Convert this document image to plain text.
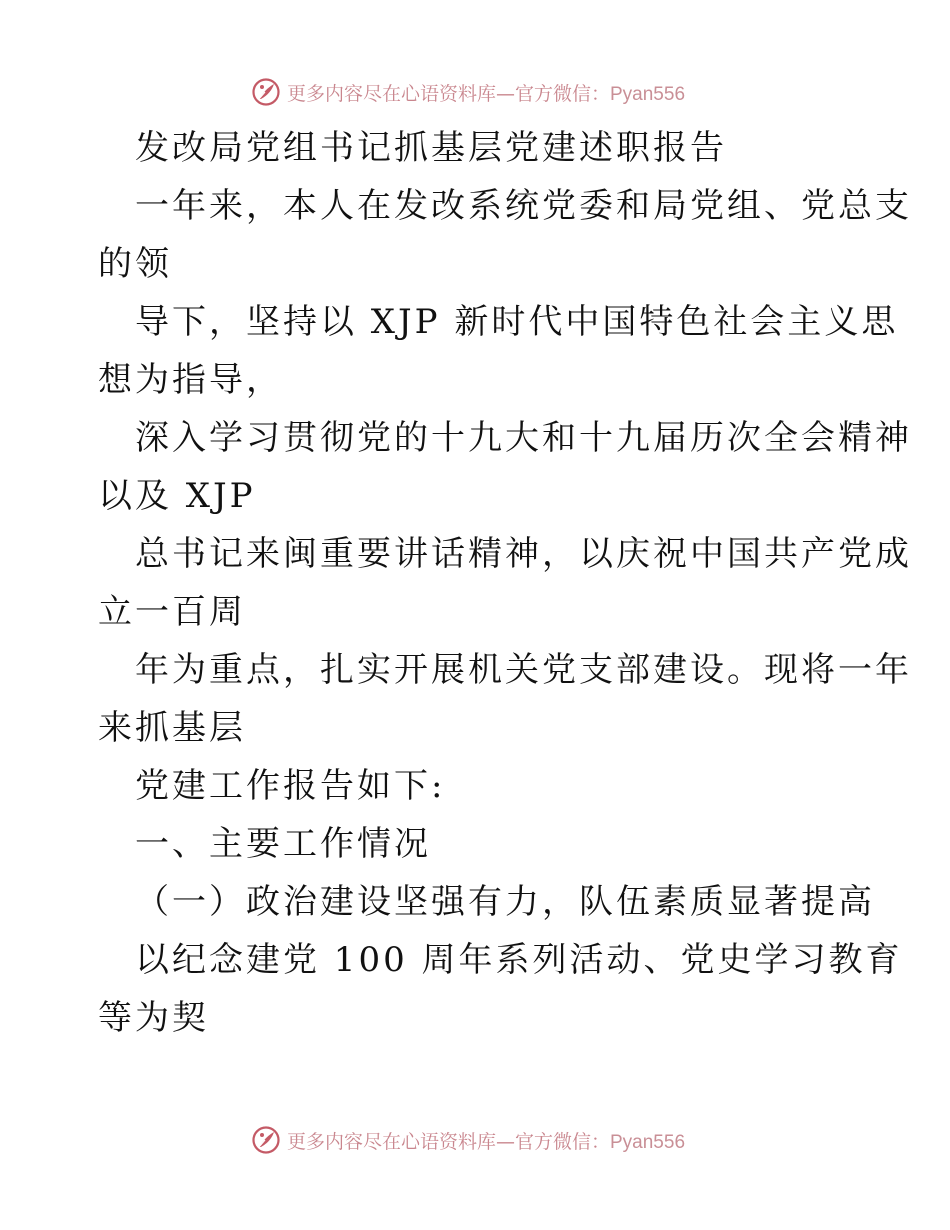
更多内容尽在心语资料库—官方微信：Pyan556
发改局党组书记抓基层党建述职报告
一年来，本人在发改系统党委和局党组、党总支
的领
导下，坚持以 XJP 新时代中国特色社会主义思
想为指导，
深入学习贯彻党的十九大和十九届历次全会精神
以及 XJP
总书记来闽重要讲话精神，以庆祝中国共产党成
立一百周
年为重点，扎实开展机关党支部建设。现将一年
来抓基层
党建工作报告如下:
一、主要工作情况
（一）政治建设坚强有力，队伍素质显著提高
以纪念建党 100 周年系列活动、党史学习教育
等为契
更多内容尽在心语资料库—官方微信：Pyan556
